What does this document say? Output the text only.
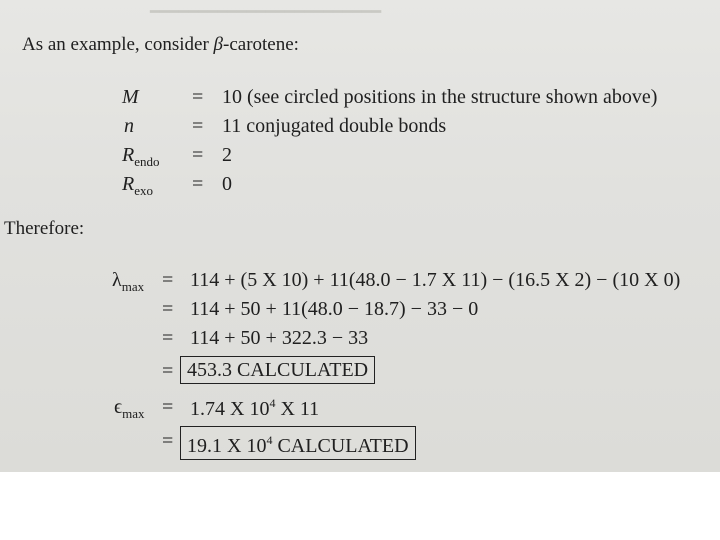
━━━━━━━━━━━━━━━━━━━━━━━━
As an example, consider β-carotene:
M	= 10 (see circled positions in the structure shown above)
n	= 11 conjugated double bonds
$R_{endo} = 2$
$R_{exo} = 0$
Therefore:
$\lambda_{max} = 114 + (5$ X 10) + 11(48.0 − 1.7 X 11) − (16.5 X 2) − (10 X 0)
= 114 + 50 + 11(48.0 − 18.7) − 33 − 0
= 114 + 50 + 322.3 − 33
= 453.3 CALCULATED
$\epsilon_{max} = 1.74$ X $10^4$ X 11
= 19.1 X $10^4$ CALCULATED
